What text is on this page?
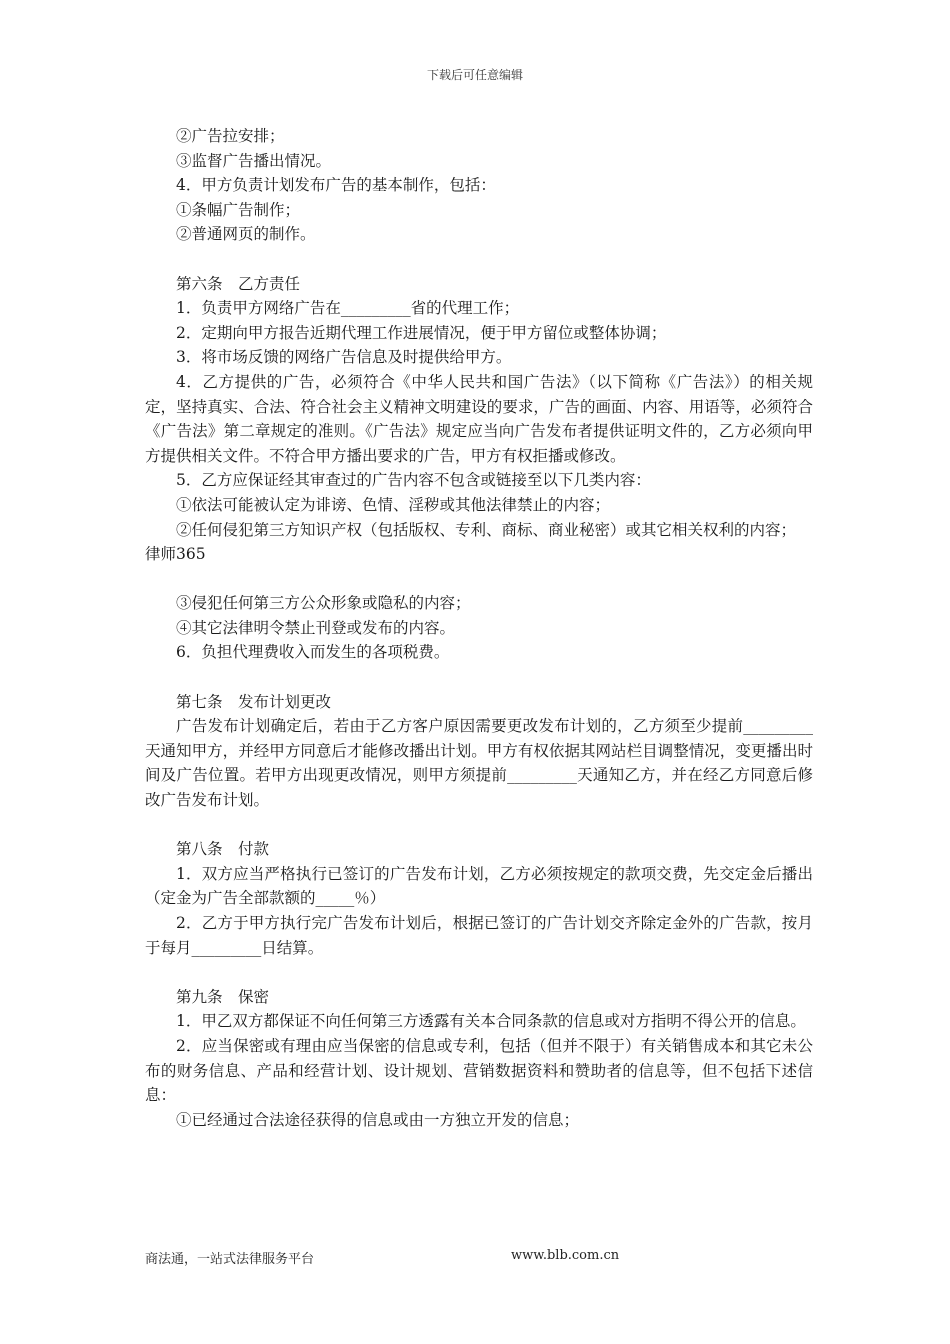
下载后可任意编辑

②广告拉安排；

③监督广告播出情况。

4．甲方负责计划发布广告的基本制作，包括：

①条幅广告制作；

②普通网页的制作。

第六条　乙方责任

1．负责甲方网络广告在_________省的代理工作；

2．定期向甲方报告近期代理工作进展情况，便于甲方留位或整体协调；

3．将市场反馈的网络广告信息及时提供给甲方。

4．乙方提供的广告，必须符合《中华人民共和国广告法》（以下简称《广告法》）的相关规定，坚持真实、合法、符合社会主义精神文明建设的要求，广告的画面、内容、用语等，必须符合《广告法》第二章规定的准则。《广告法》规定应当向广告发布者提供证明文件的，乙方必须向甲方提供相关文件。不符合甲方播出要求的广告，甲方有权拒播或修改。

5．乙方应保证经其审查过的广告内容不包含或链接至以下几类内容：

①依法可能被认定为诽谤、色情、淫秽或其他法律禁止的内容；

②任何侵犯第三方知识产权（包括版权、专利、商标、商业秘密）或其它相关权利的内容；

律师365

③侵犯任何第三方公众形象或隐私的内容；

④其它法律明令禁止刊登或发布的内容。

6．负担代理费收入而发生的各项税费。

第七条　发布计划更改

广告发布计划确定后，若由于乙方客户原因需要更改发布计划的，乙方须至少提前_________天通知甲方，并经甲方同意后才能修改播出计划。甲方有权依据其网站栏目调整情况，变更播出时间及广告位置。若甲方出现更改情况，则甲方须提前_________天通知乙方，并在经乙方同意后修改广告发布计划。

第八条　付款

1．双方应当严格执行已签订的广告发布计划，乙方必须按规定的款项交费，先交定金后播出（定金为广告全部款额的_____％）

2．乙方于甲方执行完广告发布计划后，根据已签订的广告计划交齐除定金外的广告款，按月于每月_________日结算。

第九条　保密

1．甲乙双方都保证不向任何第三方透露有关本合同条款的信息或对方指明不得公开的信息。

2．应当保密或有理由应当保密的信息或专利，包括（但并不限于）有关销售成本和其它未公布的财务信息、产品和经营计划、设计规划、营销数据资料和赞助者的信息等，但不包括下述信息：

①已经通过合法途径获得的信息或由一方独立开发的信息；

商法通，一站式法律服务平台	www.blb.com.cn
